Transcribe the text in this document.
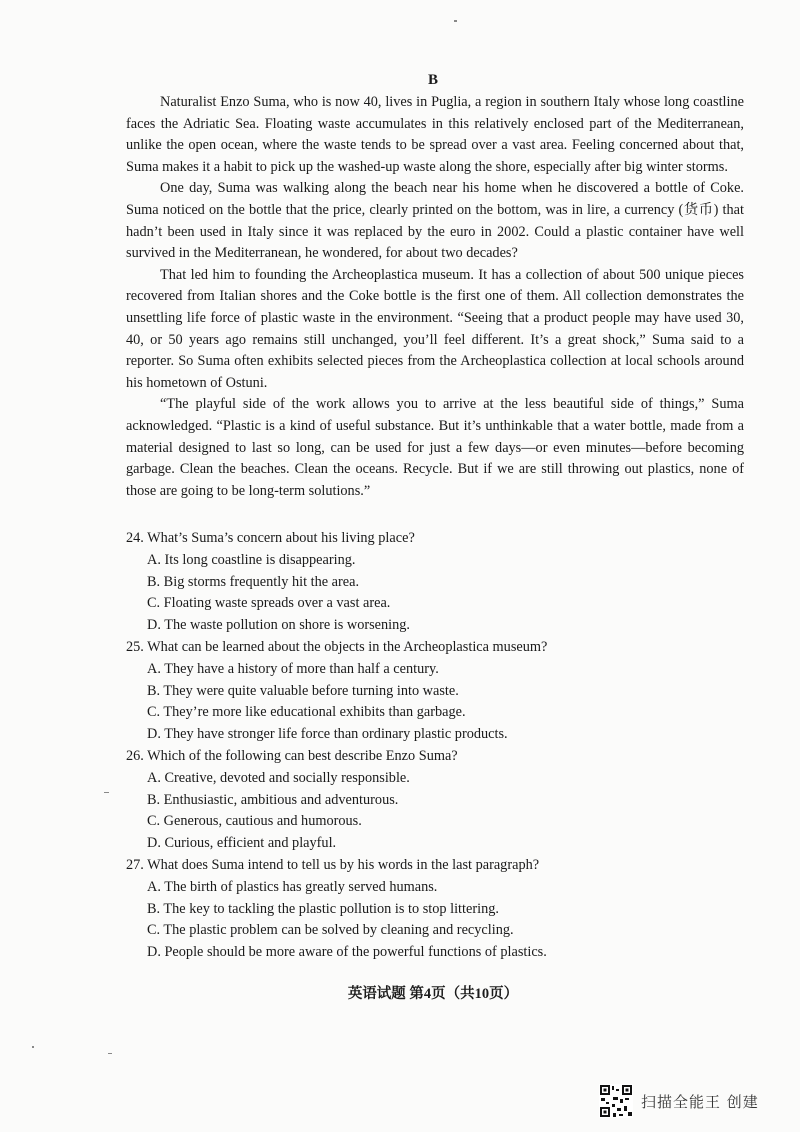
B

Naturalist Enzo Suma, who is now 40, lives in Puglia, a region in southern Italy whose long coastline faces the Adriatic Sea. Floating waste accumulates in this relatively enclosed part of the Mediterranean, unlike the open ocean, where the waste tends to be spread over a vast area. Feeling concerned about that, Suma makes it a habit to pick up the washed-up waste along the shore, especially after big winter storms.

One day, Suma was walking along the beach near his home when he discovered a bottle of Coke. Suma noticed on the bottle that the price, clearly printed on the bottom, was in lire, a currency (货币) that hadn’t been used in Italy since it was replaced by the euro in 2002. Could a plastic container have well survived in the Mediterranean, he wondered, for about two decades?

That led him to founding the Archeoplastica museum. It has a collection of about 500 unique pieces recovered from Italian shores and the Coke bottle is the first one of them. All collection demonstrates the unsettling life force of plastic waste in the environment. “Seeing that a product people may have used 30, 40, or 50 years ago remains still unchanged, you’ll feel different. It’s a great shock,” Suma said to a reporter. So Suma often exhibits selected pieces from the Archeoplastica collection at local schools around his hometown of Ostuni.

“The playful side of the work allows you to arrive at the less beautiful side of things,” Suma acknowledged. “Plastic is a kind of useful substance. But it’s unthinkable that a water bottle, made from a material designed to last so long, can be used for just a few days—or even minutes—before becoming garbage. Clean the beaches. Clean the oceans. Recycle. But if we are still throwing out plastics, none of those are going to be long-term solutions.”

24. What’s Suma’s concern about his living place?

A. Its long coastline is disappearing.

B. Big storms frequently hit the area.

C. Floating waste spreads over a vast area.

D. The waste pollution on shore is worsening.

25. What can be learned about the objects in the Archeoplastica museum?

A. They have a history of more than half a century.

B. They were quite valuable before turning into waste.

C. They’re more like educational exhibits than garbage.

D. They have stronger life force than ordinary plastic products.

26. Which of the following can best describe Enzo Suma?

A. Creative, devoted and socially responsible.

B. Enthusiastic, ambitious and adventurous.

C. Generous, cautious and humorous.

D. Curious, efficient and playful.

27. What does Suma intend to tell us by his words in the last paragraph?

A. The birth of plastics has greatly served humans.

B. The key to tackling the plastic pollution is to stop littering.

C. The plastic problem can be solved by cleaning and recycling.

D. People should be more aware of the powerful functions of plastics.

英语试题 第4页（共10页）
扫描全能王 创建
